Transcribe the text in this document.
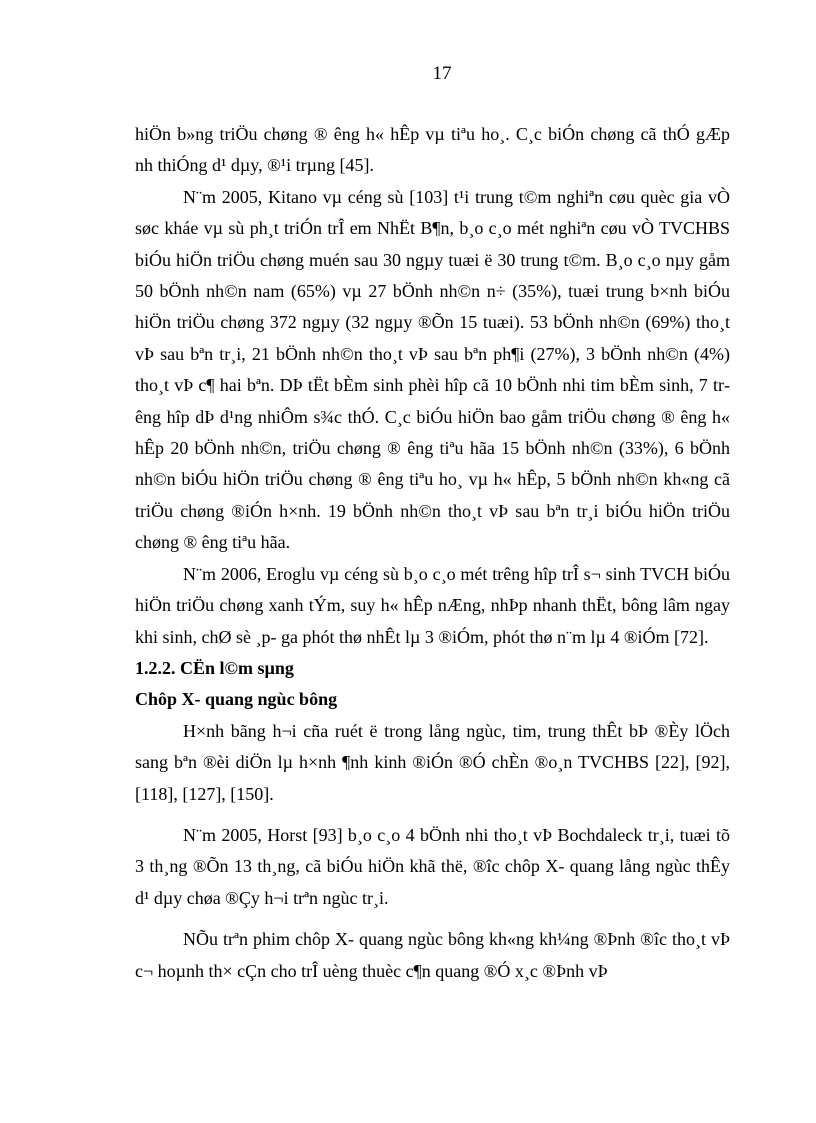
17

hiÖn b»ng triÖu chøng ® êng h« hÊp vµ tiªu ho¸. C¸c biÓn chøng cã thÓ gÆp nh thiÓng d¹ dµy, ®¹i trµng [45].

N¨m 2005, Kitano vµ céng sù [103] t¹i trung t©m nghiªn cøu quèc gia vÒ søc kháe vµ sù ph¸t triÓn trÎ em NhËt B¶n, b¸o c¸o mét nghiªn cøu vÒ TVCHBS biÓu hiÖn triÖu chøng muén sau 30 ngµy tuæi ë 30 trung t©m. B¸o c¸o nµy gåm 50 bÖnh nh©n nam (65%) vµ 27 bÖnh nh©n n÷ (35%), tuæi trung b×nh biÓu hiÖn triÖu chøng 372 ngµy (32 ngµy ®Õn 15 tuæi). 53 bÖnh nh©n (69%) tho¸t vÞ sau bªn tr¸i, 21 bÖnh nh©n tho¸t vÞ sau bªn ph¶i (27%), 3 bÖnh nh©n (4%) tho¸t vÞ c¶ hai bªn. DÞ tËt bÈm sinh phèi hîp cã 10 bÖnh nhi tim bÈm sinh, 7 trêng hîp dÞ d¹ng nhiÔm s¾c thÓ. C¸c biÓu hiÖn bao gåm triÖu chøng ® êng h« hÊp 20 bÖnh nh©n, triÖu chøng ® êng tiªu hãa 15 bÖnh nh©n (33%), 6 bÖnh nh©n biÓu hiÖn triÖu chøng ® êng tiªu ho¸ vµ h« hÊp, 5 bÖnh nh©n kh«ng cã triÖu chøng ®iÓn h×nh. 19 bÖnh nh©n tho¸t vÞ sau bªn tr¸i biÓu hiÖn triÖu chøng ® êng tiªu hãa.

N¨m 2006, Eroglu vµ céng sù b¸o c¸o mét trêng hîp trÎ s¬ sinh TVCH biÓu hiÖn triÖu chøng xanh tÝm, suy h« hÊp nÆng, nhÞp nhanh thËt, bông lâm ngay khi sinh, chØ sè ¸p- ga phót thø nhÊt lµ 3 ®iÓm, phót thø n¨m lµ 4 ®iÓm [72].

1.2.2. CËn l©m sµng

Chôp X- quang ngùc bông

H×nh bãng h¬i cña ruét ë trong lång ngùc, tim, trung thÊt bÞ ®Èy lÖch sang bªn ®èi diÖn lµ h×nh ¶nh kinh ®iÓn ®Ó chÈn ®o¸n TVCHBS [22], [92], [118], [127], [150].

N¨m 2005, Horst [93] b¸o c¸o 4 bÖnh nhi tho¸t vÞ Bochdaleck tr¸i, tuæi tõ 3 th¸ng ®Õn 13 th¸ng, cã biÓu hiÖn khã thë, ®îc chôp X- quang lång ngùc thÊy d¹ dµy chøa ®Çy h¬i trªn ngùc tr¸i.

NÕu trªn phim chôp X- quang ngùc bông kh«ng kh¼ng ®Þnh ®îc tho¸t vÞ c¬ hoµnh th× cÇn cho trÎ uèng thuèc c¶n quang ®Ó x¸c ®Þnh vÞ
